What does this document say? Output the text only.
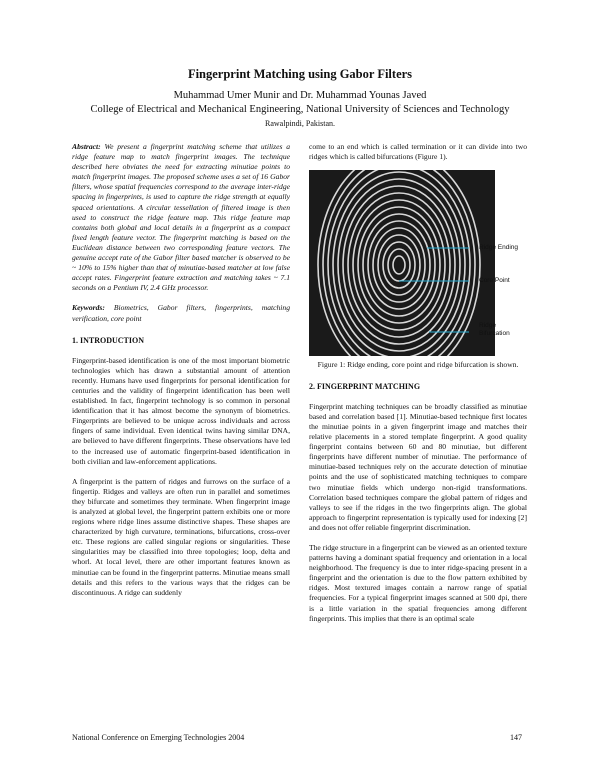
Fingerprint Matching using Gabor Filters

Muhammad Umer Munir and Dr. Muhammad Younas Javed

College of Electrical and Mechanical Engineering, National University of Sciences and Technology

Rawalpindi, Pakistan.

Abstract: We present a fingerprint matching scheme that utilizes a ridge feature map to match fingerprint images. The technique described here obviates the need for extracting minutiae points to match fingerprint images. The proposed scheme uses a set of 16 Gabor filters, whose spatial frequencies correspond to the average inter-ridge spacing in fingerprints, is used to capture the ridge strength at equally spaced orientations. A circular tessellation of filtered image is then used to construct the ridge feature map. This ridge feature map contains both global and local details in a fingerprint as a compact fixed length feature vector. The fingerprint matching is based on the Euclidean distance between two corresponding feature vectors. The genuine accept rate of the Gabor filter based matcher is observed to be ~ 10% to 15% higher than that of minutiae-based matcher at low false accept rates. Fingerprint feature extraction and matching takes ~ 7.1 seconds on a Pentium IV, 2.4 GHz processor.

Keywords: Biometrics, Gabor filters, fingerprints, matching verification, core point

1. INTRODUCTION

Fingerprint-based identification is one of the most important biometric technologies which has drawn a substantial amount of attention recently. Humans have used fingerprints for personal identification for centuries and the validity of fingerprint identification has been well established. In fact, fingerprint technology is so common in personal identification that it has almost become the synonym of biometrics. Fingerprints are believed to be unique across individuals and across fingers of same individual. Even identical twins having similar DNA, are believed to have different fingerprints. These observations have led to the increased use of automatic fingerprint-based identification in both civilian and law-enforcement applications.

A fingerprint is the pattern of ridges and furrows on the surface of a fingertip. Ridges and valleys are often run in parallel and sometimes they bifurcate and sometimes they terminate. When fingerprint image is analyzed at global level, the fingerprint pattern exhibits one or more regions where ridge lines assume distinctive shapes. These shapes are characterized by high curvature, terminations, bifurcations, cross-over etc. These regions are called singular regions or singularities. These singularities may be classified into three topologies; loop, delta and whorl. At local level, there are other important features known as minutiae can be found in the fingerprint patterns. Minutiae means small details and this refers to the various ways that the ridges can be discontinuous. A ridge can suddenly

come to an end which is called termination or it can divide into two ridges which is called bifurcations (Figure 1).

Ridge Ending
Core Point
Ridge
Bifurcation

Figure 1: Ridge ending, core point and ridge bifurcation is shown.

2. FINGERPRINT MATCHING

Fingerprint matching techniques can be broadly classified as minutiae based and correlation based [1]. Minutiae-based technique first locates the minutiae points in a given fingerprint image and matches their relative placements in a stored template fingerprint. A good quality fingerprint contains between 60 and 80 minutiae, but different fingerprints have different number of minutiae. The performance of minutiae-based techniques rely on the accurate detection of minutiae points and the use of sophisticated matching techniques to compare two minutiae fields which undergo non-rigid transformations. Correlation based techniques compare the global pattern of ridges and valleys to see if the ridges in the two fingerprints align. The global approach to fingerprint representation is typically used for indexing [2] and does not offer reliable fingerprint discrimination.

The ridge structure in a fingerprint can be viewed as an oriented texture patterns having a dominant spatial frequency and orientation in a local neighborhood. The frequency is due to inter ridge-spacing present in a fingerprint and the orientation is due to the flow pattern exhibited by ridges. Most textured images contain a narrow range of spatial frequencies. For a typical fingerprint images scanned at 500 dpi, there is a little variation in the spatial frequencies among different fingerprints. This implies that there is an optimal scale

National Conference on Emerging Technologies 2004	147
